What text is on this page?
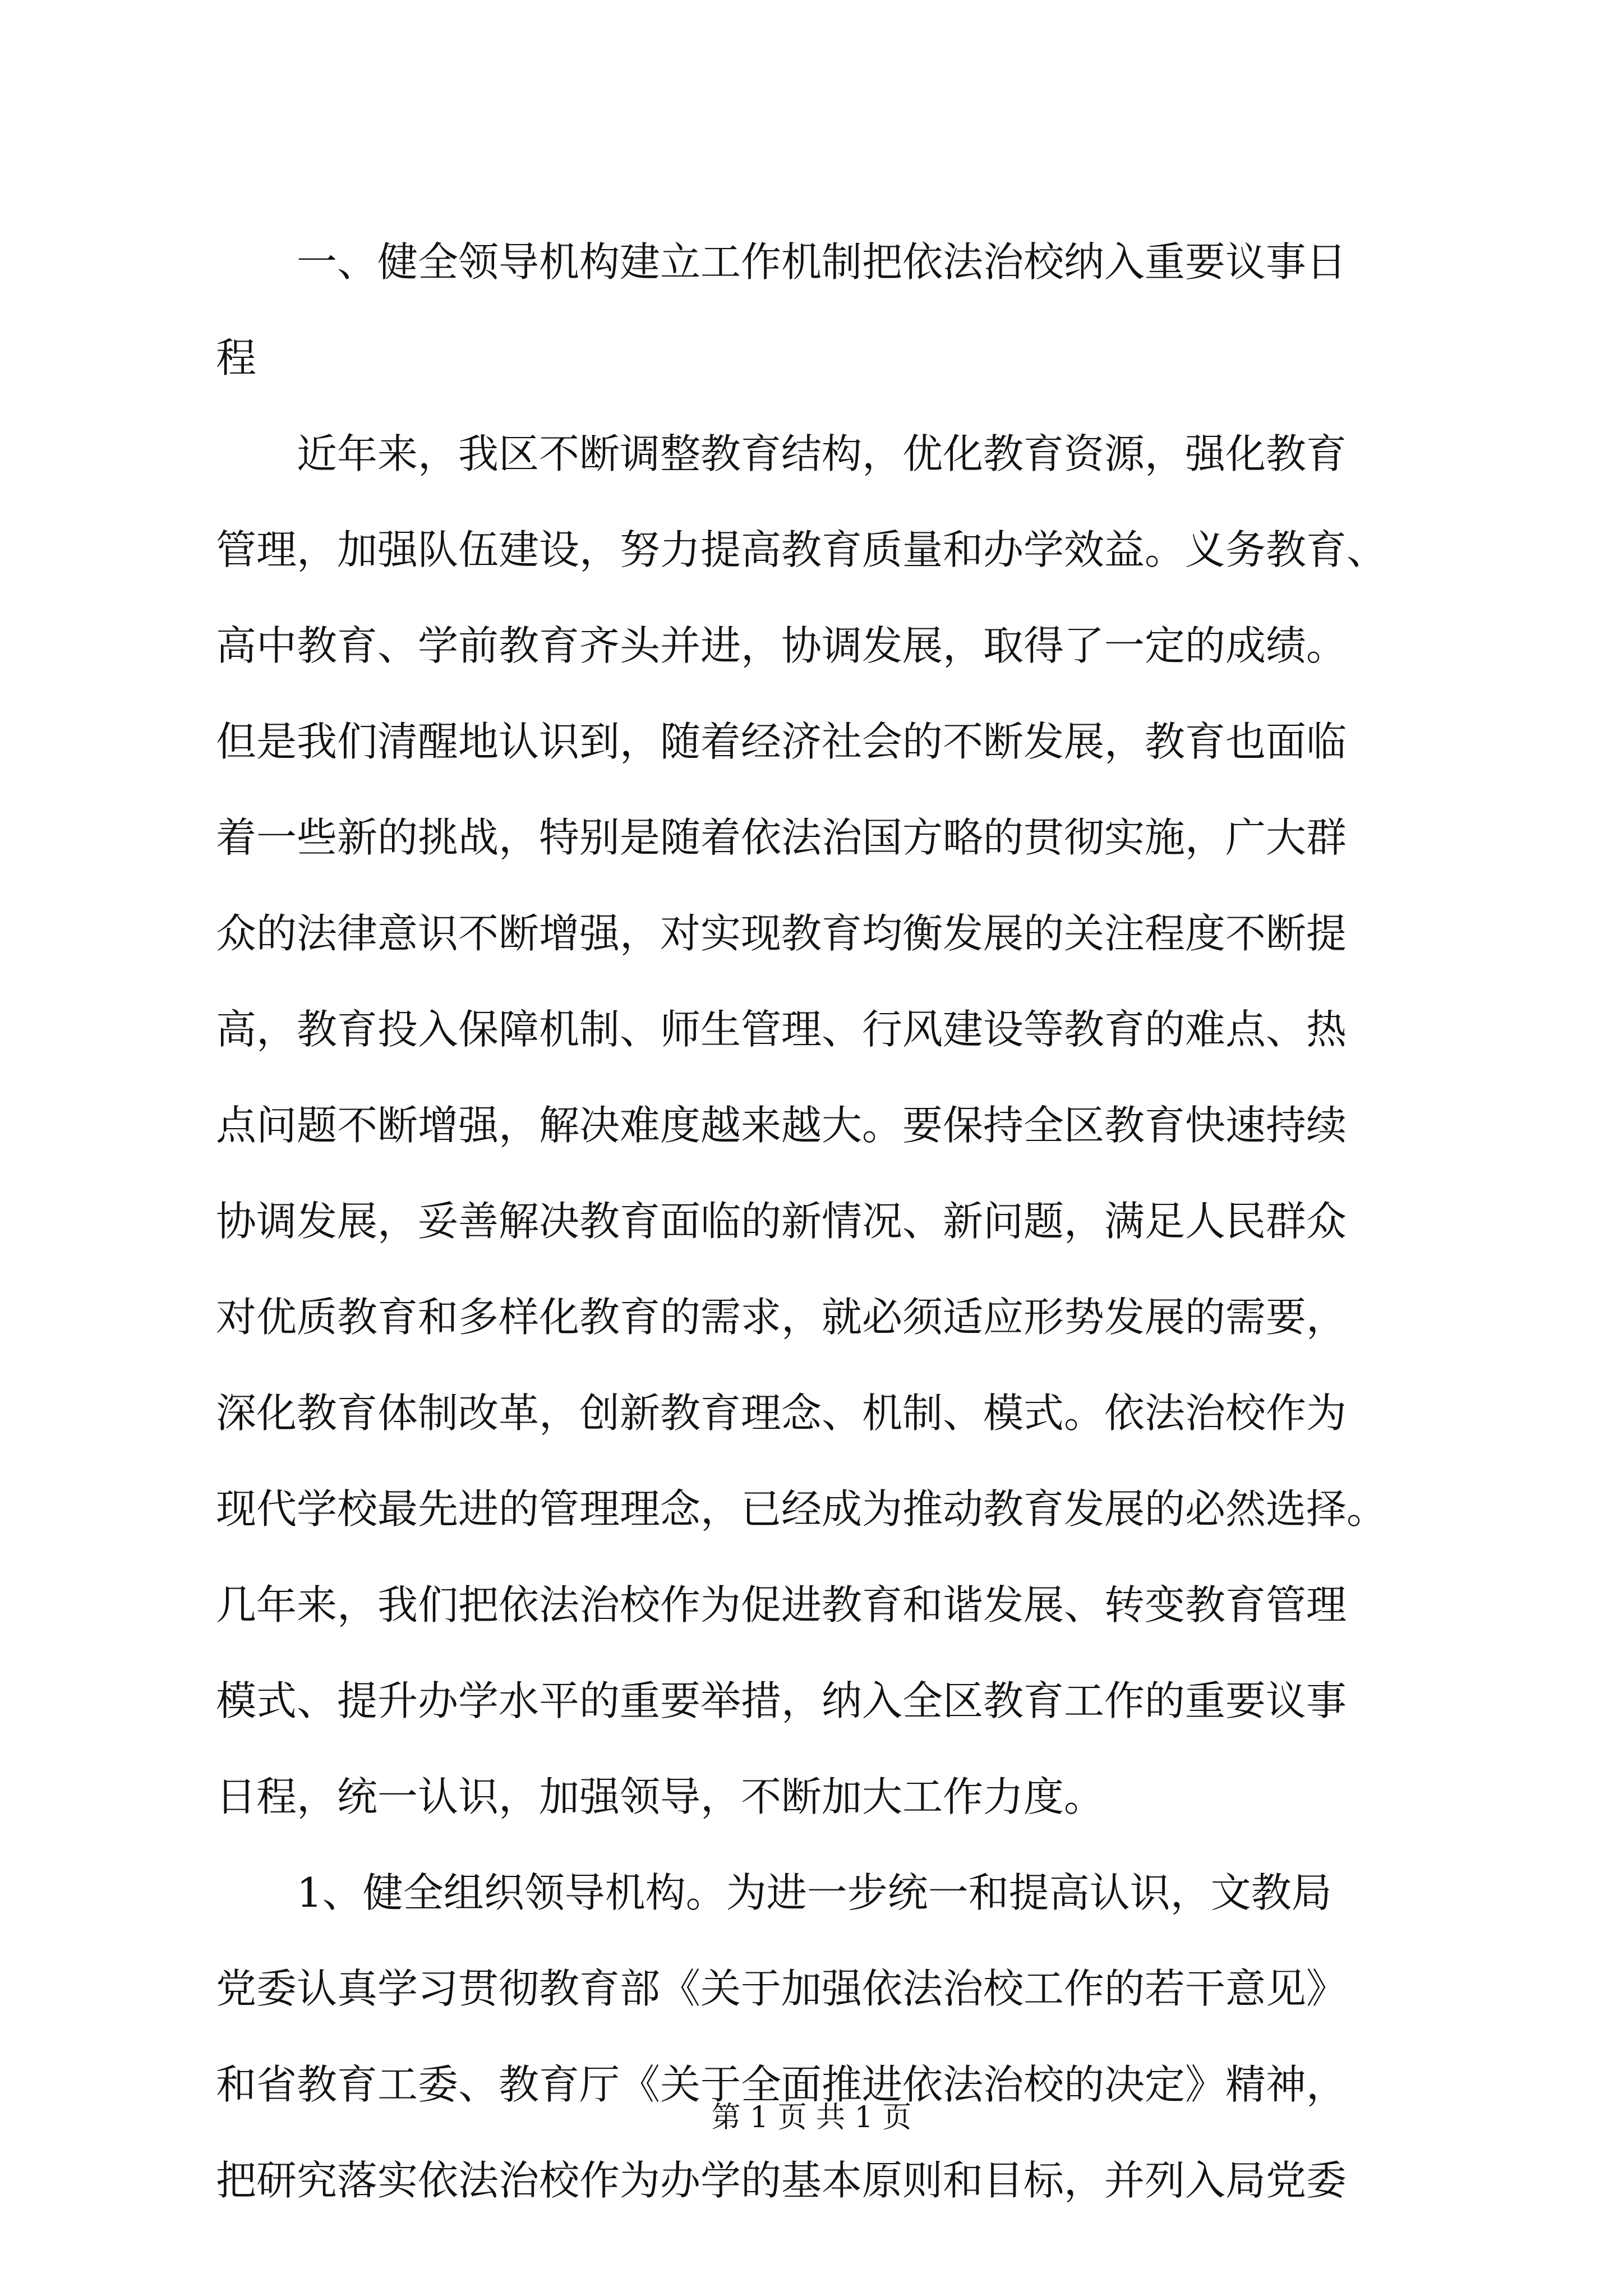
一、健全领导机构建立工作机制把依法治校纳入重要议事日
程
近年来，我区不断调整教育结构，优化教育资源，强化教育
管理，加强队伍建设，努力提高教育质量和办学效益。义务教育、
高中教育、学前教育齐头并进，协调发展，取得了一定的成绩。
但是我们清醒地认识到，随着经济社会的不断发展，教育也面临
着一些新的挑战，特别是随着依法治国方略的贯彻实施，广大群
众的法律意识不断增强，对实现教育均衡发展的关注程度不断提
高，教育投入保障机制、师生管理、行风建设等教育的难点、热
点问题不断增强，解决难度越来越大。要保持全区教育快速持续
协调发展，妥善解决教育面临的新情况、新问题，满足人民群众
对优质教育和多样化教育的需求，就必须适应形势发展的需要，
深化教育体制改革，创新教育理念、机制、模式。依法治校作为
现代学校最先进的管理理念，已经成为推动教育发展的必然选择。
几年来，我们把依法治校作为促进教育和谐发展、转变教育管理
模式、提升办学水平的重要举措，纳入全区教育工作的重要议事
日程，统一认识，加强领导，不断加大工作力度。
1、健全组织领导机构。为进一步统一和提高认识，文教局
党委认真学习贯彻教育部《关于加强依法治校工作的若干意见》
和省教育工委、教育厅《关于全面推进依法治校的决定》精神，
把研究落实依法治校作为办学的基本原则和目标，并列入局党委
第 1 页 共 1 页
